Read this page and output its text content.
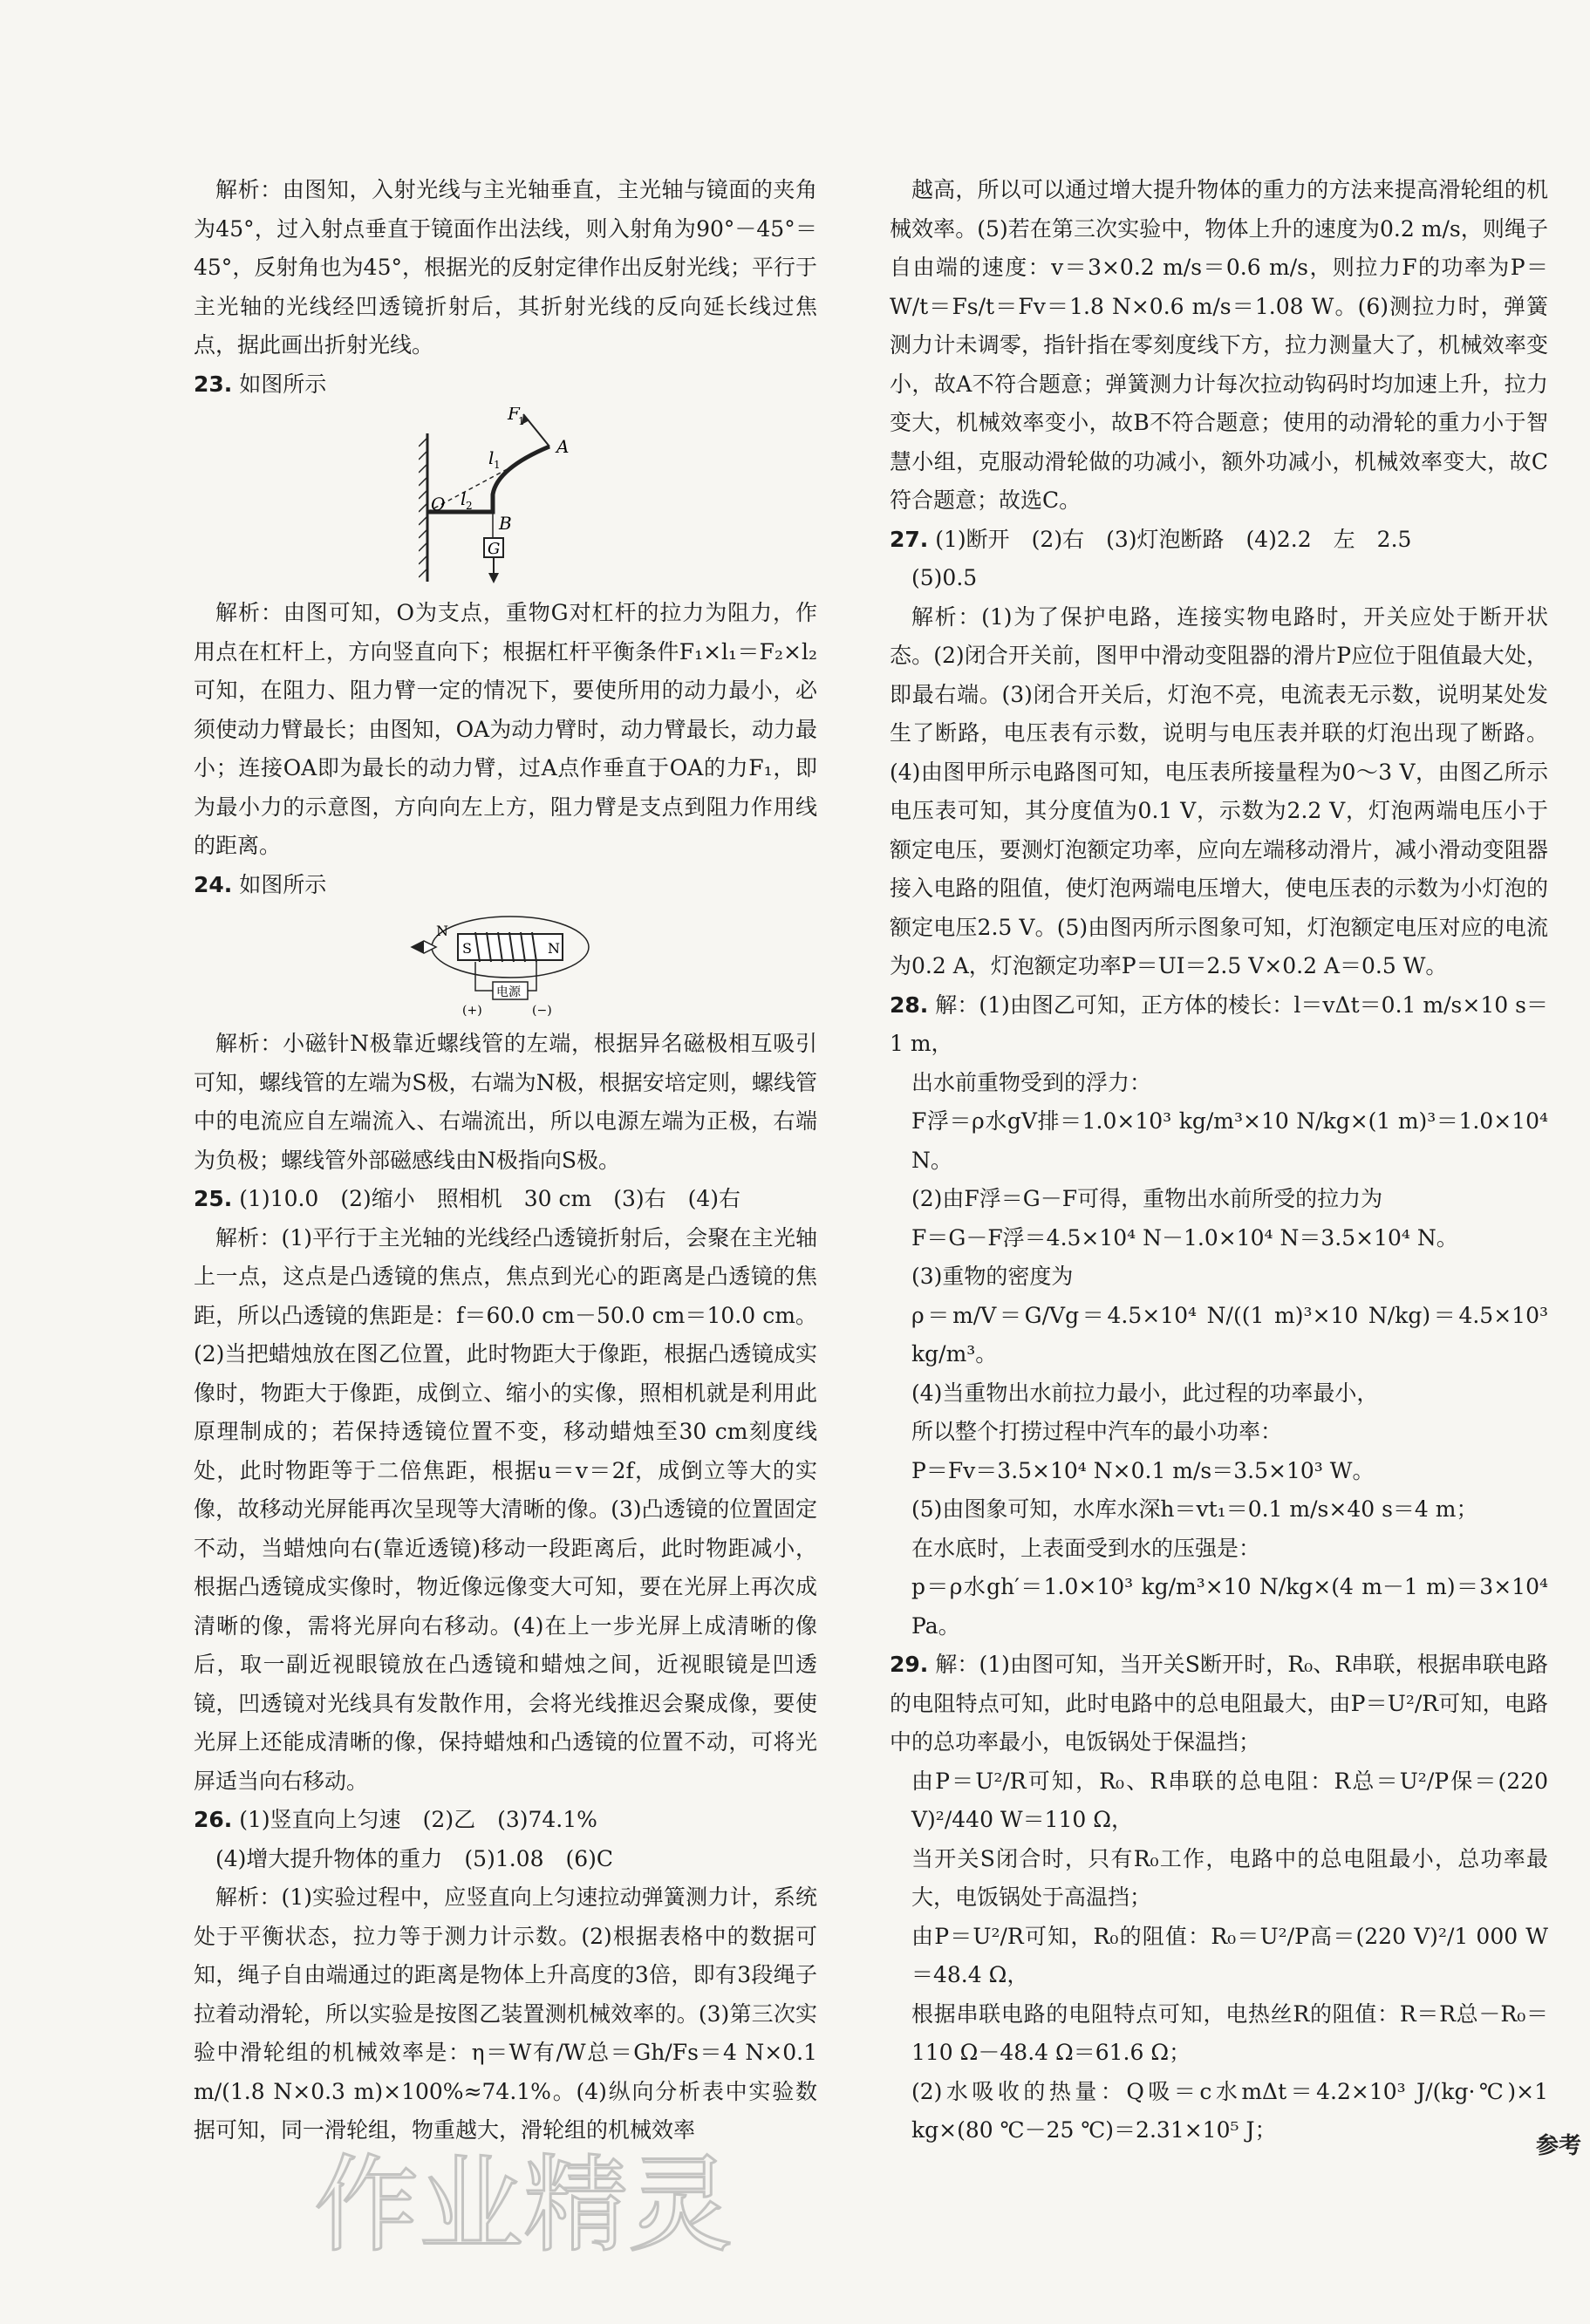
解析：由图知，入射光线与主光轴垂直，主光轴与镜面的夹角为45°，过入射点垂直于镜面作出法线，则入射角为90°－45°＝45°，反射角也为45°，根据光的反射定律作出反射光线；平行于主光轴的光线经凹透镜折射后，其折射光线的反向延长线过焦点，据此画出折射光线。

23. 如图所示

F
1
A
l 1
O l 2
B
G

解析：由图可知，O为支点，重物G对杠杆的拉力为阻力，作用点在杠杆上，方向竖直向下；根据杠杆平衡条件F₁×l₁＝F₂×l₂可知，在阻力、阻力臂一定的情况下，要使所用的动力最小，必须使动力臂最长；由图知，OA为动力臂时，动力臂最长，动力最小；连接OA即为最长的动力臂，过A点作垂直于OA的力F₁，即为最小力的示意图，方向向左上方，阻力臂是支点到阻力作用线的距离。

24. 如图所示

N
S	N
电源
(+)	(−)

解析：小磁针N极靠近螺线管的左端，根据异名磁极相互吸引可知，螺线管的左端为S极，右端为N极，根据安培定则，螺线管中的电流应自左端流入、右端流出，所以电源左端为正极，右端为负极；螺线管外部磁感线由N极指向S极。

25. (1)10.0　(2)缩小　照相机　30 cm　(3)右　(4)右

解析：(1)平行于主光轴的光线经凸透镜折射后，会聚在主光轴上一点，这点是凸透镜的焦点，焦点到光心的距离是凸透镜的焦距，所以凸透镜的焦距是：f＝60.0 cm－50.0 cm＝10.0 cm。(2)当把蜡烛放在图乙位置，此时物距大于像距，根据凸透镜成实像时，物距大于像距，成倒立、缩小的实像，照相机就是利用此原理制成的；若保持透镜位置不变，移动蜡烛至30 cm刻度线处，此时物距等于二倍焦距，根据u＝v＝2f，成倒立等大的实像，故移动光屏能再次呈现等大清晰的像。(3)凸透镜的位置固定不动，当蜡烛向右(靠近透镜)移动一段距离后，此时物距减小，根据凸透镜成实像时，物近像远像变大可知，要在光屏上再次成清晰的像，需将光屏向右移动。(4)在上一步光屏上成清晰的像后，取一副近视眼镜放在凸透镜和蜡烛之间，近视眼镜是凹透镜，凹透镜对光线具有发散作用，会将光线推迟会聚成像，要使光屏上还能成清晰的像，保持蜡烛和凸透镜的位置不动，可将光屏适当向右移动。

26. (1)竖直向上匀速　(2)乙　(3)74.1%

(4)增大提升物体的重力　(5)1.08　(6)C

解析：(1)实验过程中，应竖直向上匀速拉动弹簧测力计，系统处于平衡状态，拉力等于测力计示数。(2)根据表格中的数据可知，绳子自由端通过的距离是物体上升高度的3倍，即有3段绳子拉着动滑轮，所以实验是按图乙装置测机械效率的。(3)第三次实验中滑轮组的机械效率是：η＝W有/W总＝Gh/Fs＝4 N×0.1 m/(1.8 N×0.3 m)×100%≈74.1%。(4)纵向分析表中实验数据可知，同一滑轮组，物重越大，滑轮组的机械效率

越高，所以可以通过增大提升物体的重力的方法来提高滑轮组的机械效率。(5)若在第三次实验中，物体上升的速度为0.2 m/s，则绳子自由端的速度：v＝3×0.2 m/s＝0.6 m/s，则拉力F的功率为P＝W/t＝Fs/t＝Fv＝1.8 N×0.6 m/s＝1.08 W。(6)测拉力时，弹簧测力计未调零，指针指在零刻度线下方，拉力测量大了，机械效率变小，故A不符合题意；弹簧测力计每次拉动钩码时均加速上升，拉力变大，机械效率变小，故B不符合题意；使用的动滑轮的重力小于智慧小组，克服动滑轮做的功减小，额外功减小，机械效率变大，故C符合题意；故选C。

27. (1)断开　(2)右　(3)灯泡断路　(4)2.2　左　2.5

(5)0.5

解析：(1)为了保护电路，连接实物电路时，开关应处于断开状态。(2)闭合开关前，图甲中滑动变阻器的滑片P应位于阻值最大处，即最右端。(3)闭合开关后，灯泡不亮，电流表无示数，说明某处发生了断路，电压表有示数，说明与电压表并联的灯泡出现了断路。(4)由图甲所示电路图可知，电压表所接量程为0～3 V，由图乙所示电压表可知，其分度值为0.1 V，示数为2.2 V，灯泡两端电压小于额定电压，要测灯泡额定功率，应向左端移动滑片，减小滑动变阻器接入电路的阻值，使灯泡两端电压增大，使电压表的示数为小灯泡的额定电压2.5 V。(5)由图丙所示图象可知，灯泡额定电压对应的电流为0.2 A，灯泡额定功率P＝UI＝2.5 V×0.2 A＝0.5 W。

28. 解：(1)由图乙可知，正方体的棱长：l＝vΔt＝0.1 m/s×10 s＝1 m，

出水前重物受到的浮力：

F浮＝ρ水gV排＝1.0×10³ kg/m³×10 N/kg×(1 m)³＝1.0×10⁴ N。

(2)由F浮＝G－F可得，重物出水前所受的拉力为

F＝G－F浮＝4.5×10⁴ N－1.0×10⁴ N＝3.5×10⁴ N。

(3)重物的密度为

ρ＝m/V＝G/Vg＝4.5×10⁴ N/((1 m)³×10 N/kg)＝4.5×10³ kg/m³。

(4)当重物出水前拉力最小，此过程的功率最小，

所以整个打捞过程中汽车的最小功率：

P＝Fv＝3.5×10⁴ N×0.1 m/s＝3.5×10³ W。

(5)由图象可知，水库水深h＝vt₁＝0.1 m/s×40 s＝4 m；

在水底时，上表面受到水的压强是：

p＝ρ水gh′＝1.0×10³ kg/m³×10 N/kg×(4 m－1 m)＝3×10⁴ Pa。

29. 解：(1)由图可知，当开关S断开时，R₀、R串联，根据串联电路的电阻特点可知，此时电路中的总电阻最大，由P＝U²/R可知，电路中的总功率最小，电饭锅处于保温挡；

由P＝U²/R可知，R₀、R串联的总电阻：R总＝U²/P保＝(220 V)²/440 W＝110 Ω，

当开关S闭合时，只有R₀工作，电路中的总电阻最小，总功率最大，电饭锅处于高温挡；

由P＝U²/R可知，R₀的阻值：R₀＝U²/P高＝(220 V)²/1 000 W＝48.4 Ω，

根据串联电路的电阻特点可知，电热丝R的阻值：R＝R总－R₀＝110 Ω－48.4 Ω＝61.6 Ω；

(2)水吸收的热量：Q吸＝c水mΔt＝4.2×10³ J/(kg·℃)×1 kg×(80 ℃－25 ℃)＝2.31×10⁵ J；

参考
作业精灵
